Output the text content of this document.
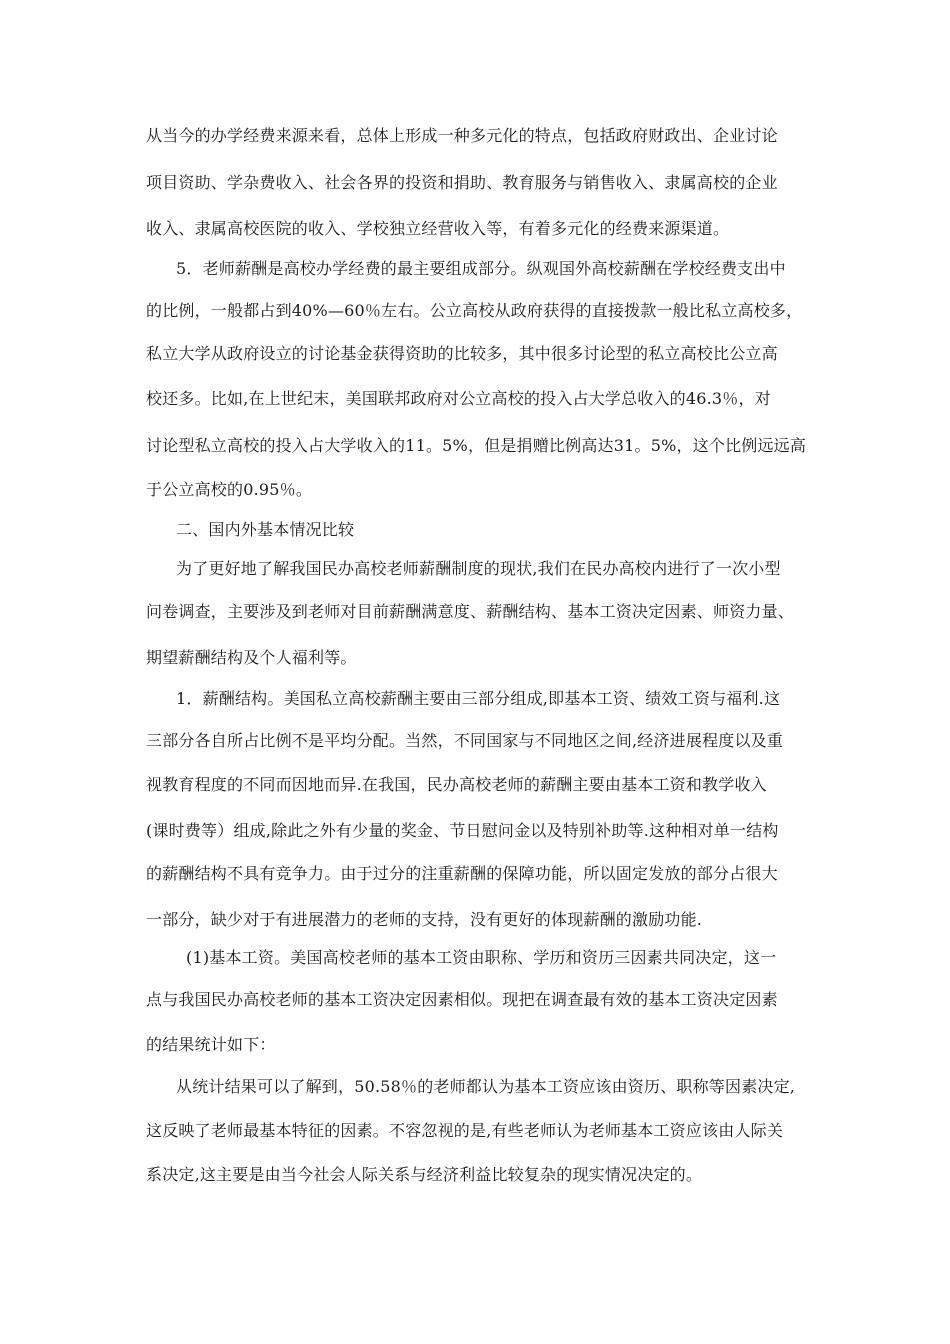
从当今的办学经费来源来看，总体上形成一种多元化的特点，包括政府财政出、企业讨论
项目资助、学杂费收入、社会各界的投资和捐助、教育服务与销售收入、隶属高校的企业
收入、隶属高校医院的收入、学校独立经营收入等，有着多元化的经费来源渠道。
5．老师薪酬是高校办学经费的最主要组成部分。纵观国外高校薪酬在学校经费支出中
的比例，一般都占到40%—60％左右。公立高校从政府获得的直接拨款一般比私立高校多，
私立大学从政府设立的讨论基金获得资助的比较多，其中很多讨论型的私立高校比公立高
校还多。比如,在上世纪末，美国联邦政府对公立高校的投入占大学总收入的46.3％，对
讨论型私立高校的投入占大学收入的11。5%，但是捐赠比例高达31。5%，这个比例远远高
于公立高校的0.95％。
二、国内外基本情况比较
为了更好地了解我国民办高校老师薪酬制度的现状,我们在民办高校内进行了一次小型
问卷调查，主要涉及到老师对目前薪酬满意度、薪酬结构、基本工资决定因素、师资力量、
期望薪酬结构及个人福利等。
1．薪酬结构。美国私立高校薪酬主要由三部分组成,即基本工资、绩效工资与福利.这
三部分各自所占比例不是平均分配。当然，不同国家与不同地区之间,经济进展程度以及重
视教育程度的不同而因地而异.在我国，民办高校老师的薪酬主要由基本工资和教学收入
(课时费等）组成,除此之外有少量的奖金、节日慰问金以及特别补助等.这种相对单一结构
的薪酬结构不具有竞争力。由于过分的注重薪酬的保障功能，所以固定发放的部分占很大
一部分，缺少对于有进展潜力的老师的支持，没有更好的体现薪酬的激励功能.
(1)基本工资。美国高校老师的基本工资由职称、学历和资历三因素共同决定，这一
点与我国民办高校老师的基本工资决定因素相似。现把在调查最有效的基本工资决定因素
的结果统计如下：
从统计结果可以了解到，50.58％的老师都认为基本工资应该由资历、职称等因素决定,
这反映了老师最基本特征的因素。不容忽视的是,有些老师认为老师基本工资应该由人际关
系决定,这主要是由当今社会人际关系与经济利益比较复杂的现实情况决定的。
